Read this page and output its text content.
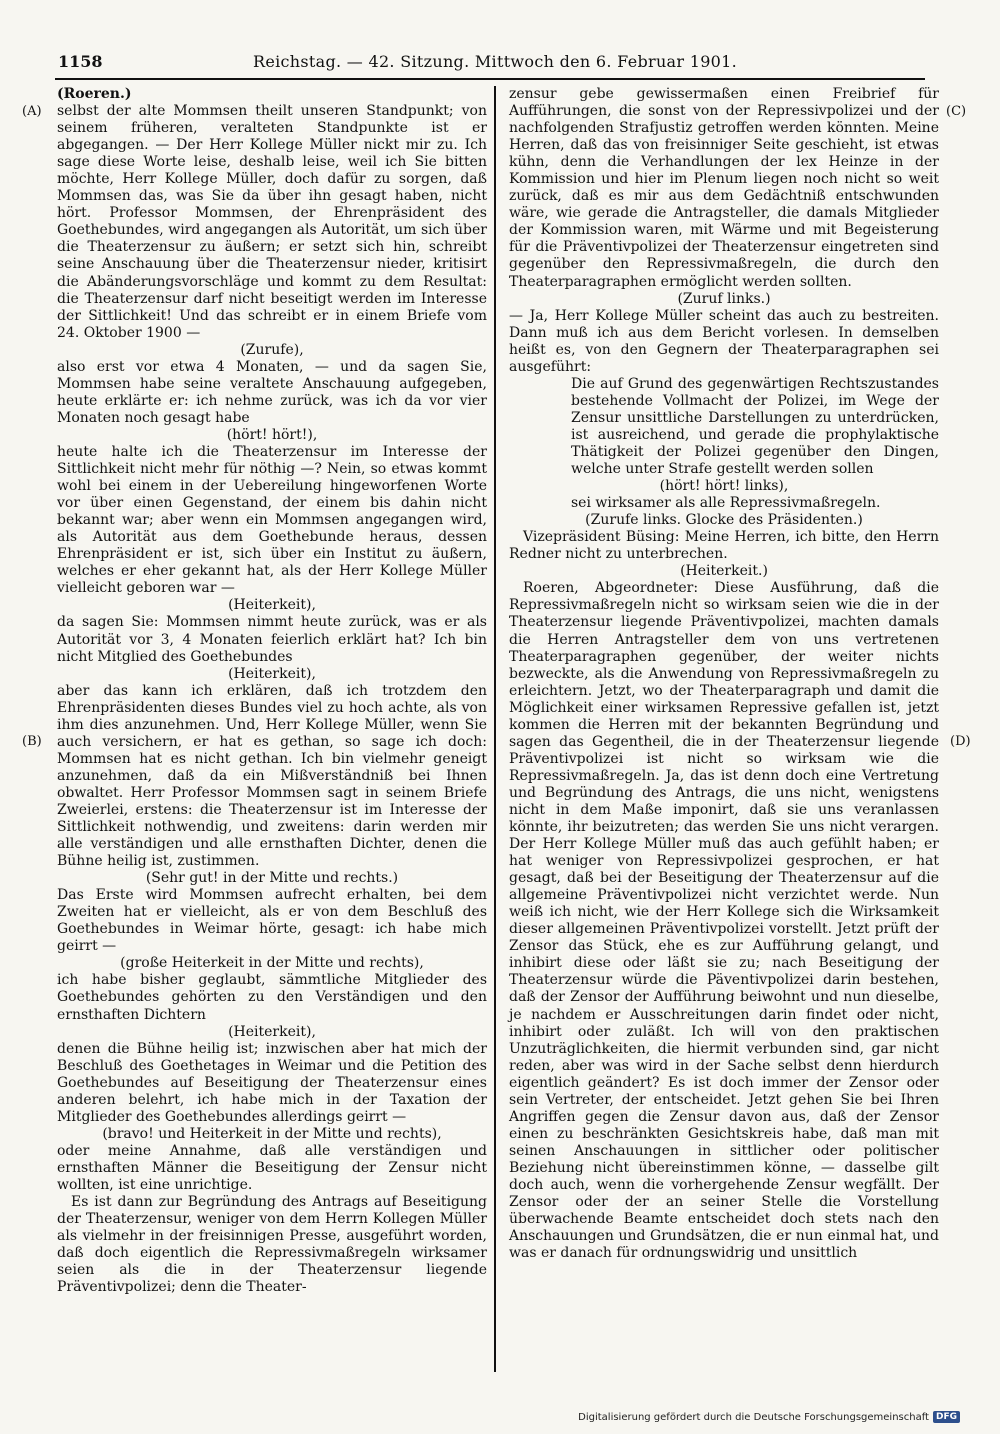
1158	Reichstag. — 42. Sitzung. Mittwoch den 6. Februar 1901.
(A)
(B)
(C)
(D)

(Roeren.)

selbst der alte Mommsen theilt unseren Standpunkt; von seinem früheren, veralteten Standpunkte ist er abgegangen. — Der Herr Kollege Müller nickt mir zu. Ich sage diese Worte leise, deshalb leise, weil ich Sie bitten möchte, Herr Kollege Müller, doch dafür zu sorgen, daß Mommsen das, was Sie da über ihn gesagt haben, nicht hört. Professor Mommsen, der Ehrenpräsident des Goethebundes, wird angegangen als Autorität, um sich über die Theaterzensur zu äußern; er setzt sich hin, schreibt seine Anschauung über die Theaterzensur nieder, kritisirt die Abänderungsvorschläge und kommt zu dem Resultat: die Theaterzensur darf nicht beseitigt werden im Interesse der Sittlichkeit! Und das schreibt er in einem Briefe vom 24. Oktober 1900 —

(Zurufe),

also erst vor etwa 4 Monaten, — und da sagen Sie, Mommsen habe seine veraltete Anschauung aufgegeben, heute erklärte er: ich nehme zurück, was ich da vor vier Monaten noch gesagt habe

(hört! hört!),

heute halte ich die Theaterzensur im Interesse der Sittlichkeit nicht mehr für nöthig —? Nein, so etwas kommt wohl bei einem in der Uebereilung hingeworfenen Worte vor über einen Gegenstand, der einem bis dahin nicht bekannt war; aber wenn ein Mommsen angegangen wird, als Autorität aus dem Goethebunde heraus, dessen Ehrenpräsident er ist, sich über ein Institut zu äußern, welches er eher gekannt hat, als der Herr Kollege Müller vielleicht geboren war —

(Heiterkeit),

da sagen Sie: Mommsen nimmt heute zurück, was er als Autorität vor 3, 4 Monaten feierlich erklärt hat? Ich bin nicht Mitglied des Goethebundes

(Heiterkeit),

aber das kann ich erklären, daß ich trotzdem den Ehrenpräsidenten dieses Bundes viel zu hoch achte, als von ihm dies anzunehmen. Und, Herr Kollege Müller, wenn Sie auch versichern, er hat es gethan, so sage ich doch: Mommsen hat es nicht gethan. Ich bin vielmehr geneigt anzunehmen, daß da ein Mißverständniß bei Ihnen obwaltet. Herr Professor Mommsen sagt in seinem Briefe Zweierlei, erstens: die Theaterzensur ist im Interesse der Sittlichkeit nothwendig, und zweitens: darin werden mir alle verständigen und alle ernsthaften Dichter, denen die Bühne heilig ist, zustimmen.

(Sehr gut! in der Mitte und rechts.)

Das Erste wird Mommsen aufrecht erhalten, bei dem Zweiten hat er vielleicht, als er von dem Beschluß des Goethebundes in Weimar hörte, gesagt: ich habe mich geirrt —

(große Heiterkeit in der Mitte und rechts),

ich habe bisher geglaubt, sämmtliche Mitglieder des Goethebundes gehörten zu den Verständigen und den ernsthaften Dichtern

(Heiterkeit),

denen die Bühne heilig ist; inzwischen aber hat mich der Beschluß des Goethetages in Weimar und die Petition des Goethebundes auf Beseitigung der Theaterzensur eines anderen belehrt, ich habe mich in der Taxation der Mitglieder des Goethebundes allerdings geirrt —

(bravo! und Heiterkeit in der Mitte und rechts),

oder meine Annahme, daß alle verständigen und ernsthaften Männer die Beseitigung der Zensur nicht wollten, ist eine unrichtige.

Es ist dann zur Begründung des Antrags auf Beseitigung der Theaterzensur, weniger von dem Herrn Kollegen Müller als vielmehr in der freisinnigen Presse, ausgeführt worden, daß doch eigentlich die Repressivmaßregeln wirksamer seien als die in der Theaterzensur liegende Präventivpolizei; denn die Theater-

zensur gebe gewissermaßen einen Freibrief für Aufführungen, die sonst von der Repressivpolizei und der nachfolgenden Strafjustiz getroffen werden könnten. Meine Herren, daß das von freisinniger Seite geschieht, ist etwas kühn, denn die Verhandlungen der lex Heinze in der Kommission und hier im Plenum liegen noch nicht so weit zurück, daß es mir aus dem Gedächtniß entschwunden wäre, wie gerade die Antragsteller, die damals Mitglieder der Kommission waren, mit Wärme und mit Begeisterung für die Präventivpolizei der Theaterzensur eingetreten sind gegenüber den Repressivmaßregeln, die durch den Theaterparagraphen ermöglicht werden sollten.

(Zuruf links.)

— Ja, Herr Kollege Müller scheint das auch zu bestreiten. Dann muß ich aus dem Bericht vorlesen. In demselben heißt es, von den Gegnern der Theaterparagraphen sei ausgeführt:

Die auf Grund des gegenwärtigen Rechtszustandes bestehende Vollmacht der Polizei, im Wege der Zensur unsittliche Darstellungen zu unterdrücken, ist ausreichend, und gerade die prophylaktische Thätigkeit der Polizei gegenüber den Dingen, welche unter Strafe gestellt werden sollen

(hört! hört! links),

sei wirksamer als alle Repressivmaßregeln.

(Zurufe links. Glocke des Präsidenten.)

Vizepräsident Büsing: Meine Herren, ich bitte, den Herrn Redner nicht zu unterbrechen.

(Heiterkeit.)

Roeren, Abgeordneter: Diese Ausführung, daß die Repressivmaßregeln nicht so wirksam seien wie die in der Theaterzensur liegende Präventivpolizei, machten damals die Herren Antragsteller dem von uns vertretenen Theaterparagraphen gegenüber, der weiter nichts bezweckte, als die Anwendung von Repressivmaßregeln zu erleichtern. Jetzt, wo der Theaterparagraph und damit die Möglichkeit einer wirksamen Repressive gefallen ist, jetzt kommen die Herren mit der bekannten Begründung und sagen das Gegentheil, die in der Theaterzensur liegende Präventivpolizei ist nicht so wirksam wie die Repressivmaßregeln. Ja, das ist denn doch eine Vertretung und Begründung des Antrags, die uns nicht, wenigstens nicht in dem Maße imponirt, daß sie uns veranlassen könnte, ihr beizutreten; das werden Sie uns nicht verargen. Der Herr Kollege Müller muß das auch gefühlt haben; er hat weniger von Repressivpolizei gesprochen, er hat gesagt, daß bei der Beseitigung der Theaterzensur auf die allgemeine Präventivpolizei nicht verzichtet werde. Nun weiß ich nicht, wie der Herr Kollege sich die Wirksamkeit dieser allgemeinen Präventivpolizei vorstellt. Jetzt prüft der Zensor das Stück, ehe es zur Aufführung gelangt, und inhibirt diese oder läßt sie zu; nach Beseitigung der Theaterzensur würde die Päventivpolizei darin bestehen, daß der Zensor der Aufführung beiwohnt und nun dieselbe, je nachdem er Ausschreitungen darin findet oder nicht, inhibirt oder zuläßt. Ich will von den praktischen Unzuträglichkeiten, die hiermit verbunden sind, gar nicht reden, aber was wird in der Sache selbst denn hierdurch eigentlich geändert? Es ist doch immer der Zensor oder sein Vertreter, der entscheidet. Jetzt gehen Sie bei Ihren Angriffen gegen die Zensur davon aus, daß der Zensor einen zu beschränkten Gesichtskreis habe, daß man mit seinen Anschauungen in sittlicher oder politischer Beziehung nicht übereinstimmen könne, — dasselbe gilt doch auch, wenn die vorhergehende Zensur wegfällt. Der Zensor oder der an seiner Stelle die Vorstellung überwachende Beamte entscheidet doch stets nach den Anschauungen und Grundsätzen, die er nun einmal hat, und was er danach für ordnungswidrig und unsittlich

Digitalisierung gefördert durch die Deutsche Forschungsgemeinschaft DFG
